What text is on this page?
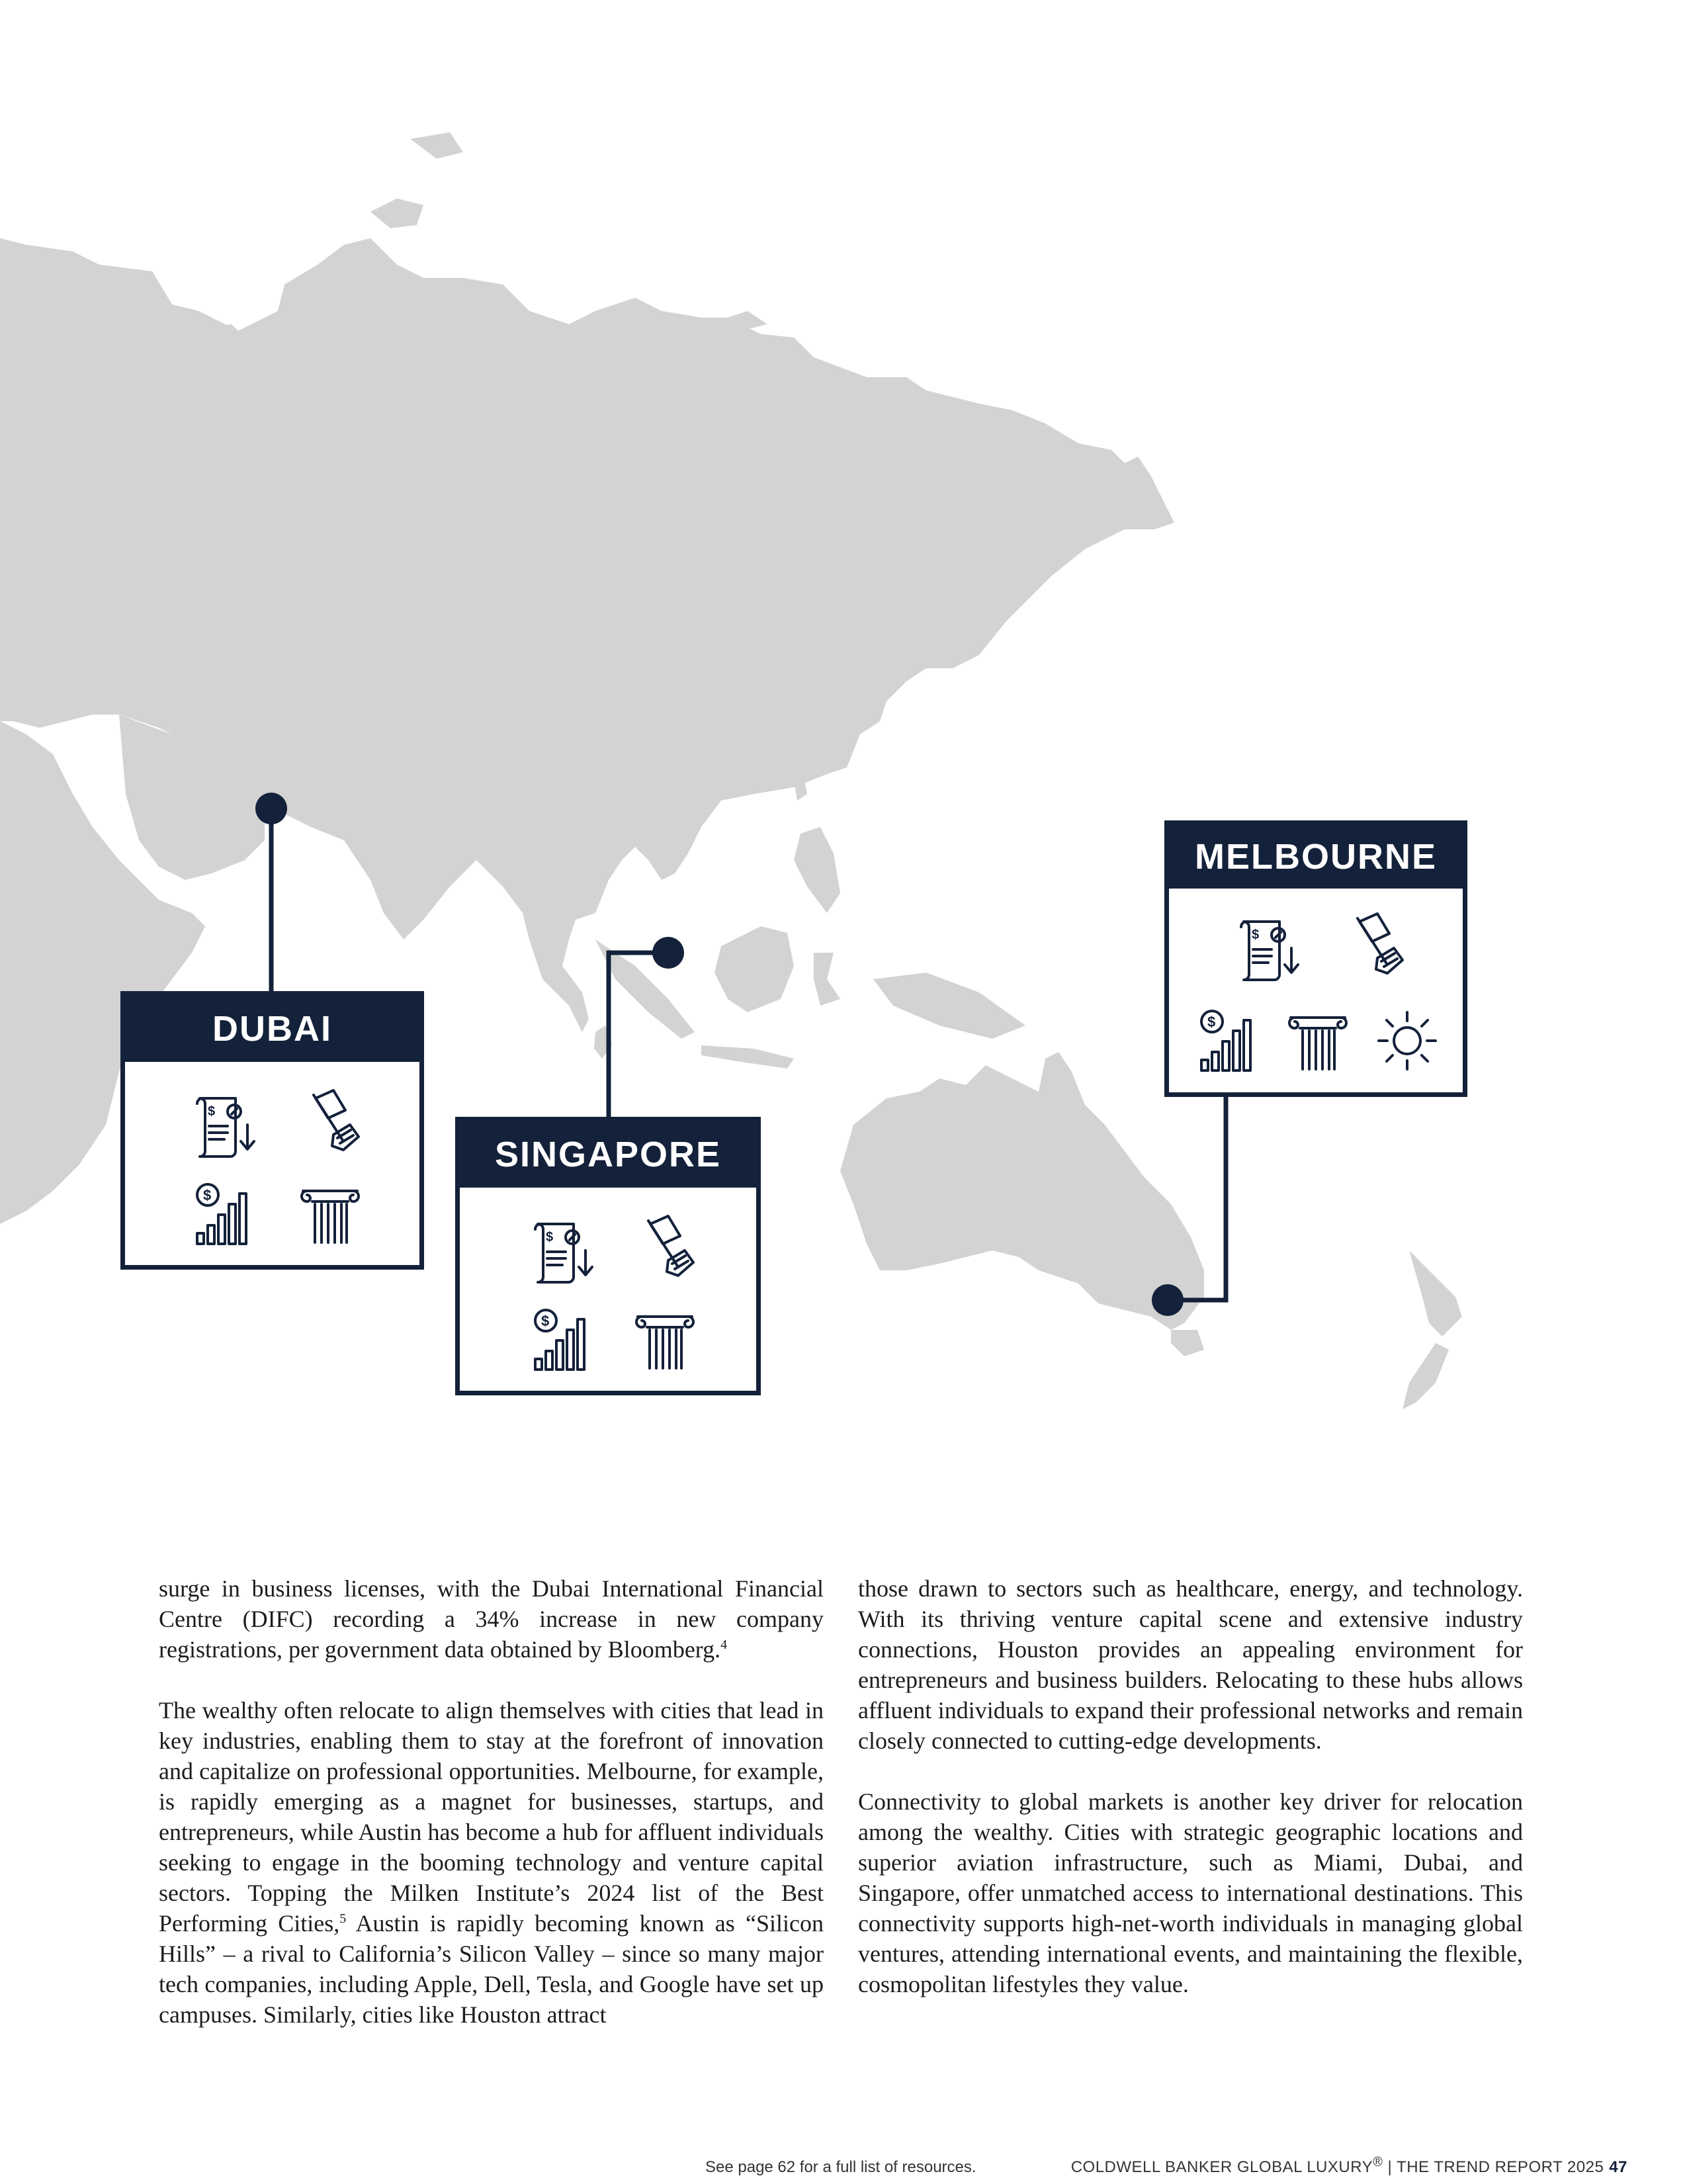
DUBAI
$
$
SINGAPORE
$
$
MELBOURNE
$
$

surge in business licenses, with the Dubai International Financial Centre (DIFC) recording a 34% increase in new company registrations, per government data obtained by Bloomberg.$^4$

The wealthy often relocate to align themselves with cities that lead in key industries, enabling them to stay at the forefront of innovation and capitalize on professional opportunities. Melbourne, for example, is rapidly emerging as a magnet for businesses, startups, and entrepreneurs, while Austin has become a hub for affluent individuals seeking to engage in the booming technology and venture capital sectors. Topping the Milken Institute’s 2024 list of the Best Performing Cities,$^5$ Austin is rapidly becoming known as “Silicon Hills” – a rival to California’s Silicon Valley – since so many major tech companies, including Apple, Dell, Tesla, and Google have set up campuses. Similarly, cities like Houston attract

those drawn to sectors such as healthcare, energy, and technology. With its thriving venture capital scene and extensive industry connections, Houston provides an appealing environment for entrepreneurs and business builders. Relocating to these hubs allows affluent individuals to expand their professional networks and remain closely connected to cutting-edge developments.

Connectivity to global markets is another key driver for relocation among the wealthy. Cities with strategic geographic locations and superior aviation infrastructure, such as Miami, Dubai, and Singapore, offer unmatched access to international destinations. This connectivity supports high-net-worth individuals in managing global ventures, attending international events, and maintaining the flexible, cosmopolitan lifestyles they value.

See page 62 for a full list of resources.	COLDWELL BANKER GLOBAL LUXURY® | THE TREND REPORT 2025 47
